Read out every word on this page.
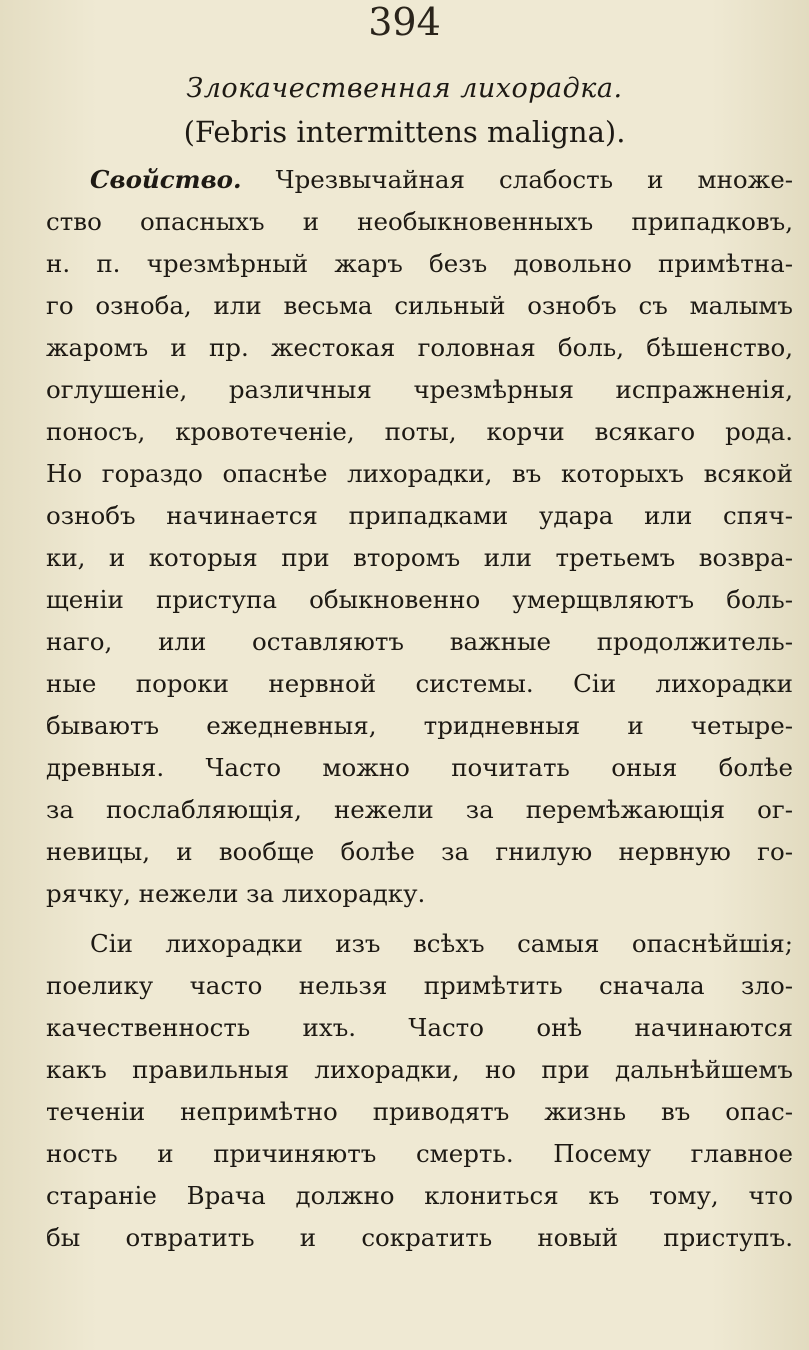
394
Злокачественная лихорадка.
(Febris intermittens maligna).
Свойство. Чрезвычайная слабость и множе-
ство опасныхъ и необыкновенныхъ припадковъ,
н. п. чрезмѣрный жаръ безъ довольно примѣтна-
го озноба, или весьма сильный ознобъ съ малымъ
жаромъ и пр. жестокая головная боль, бѣшенство,
оглушенiе, различныя чрезмѣрныя испражненiя,
поносъ, кровотеченiе, поты, корчи всякаго рода.
Но гораздо опаснѣе лихорадки, въ которыхъ всякой
ознобъ начинается припадками удара или спяч-
ки, и которыя при второмъ или третьемъ возвра-
щенiи приступа обыкновенно умерщвляютъ боль-
наго, или оставляютъ важные продолжитель-
ные пороки нервной системы. Сiи лихорадки
бываютъ ежедневныя, тридневныя и четыре-
древныя. Часто можно почитать оныя болѣе
за послабляющiя, нежели за перемѣжающiя ог-
невицы, и вообще болѣе за гнилую нервную го-
рячку, нежели за лихорадку.
Сiи лихорадки изъ всѣхъ самыя опаснѣйшiя;
поелику часто нельзя примѣтить сначала зло-
качественность ихъ. Часто онѣ начинаются
какъ правильныя лихорадки, но при дальнѣйшемъ
теченiи непримѣтно приводятъ жизнь въ опас-
ность и причиняютъ смерть. Посему главное
старанiе Врача должно клониться къ тому, что
бы отвратить и сократить новый приступъ.
